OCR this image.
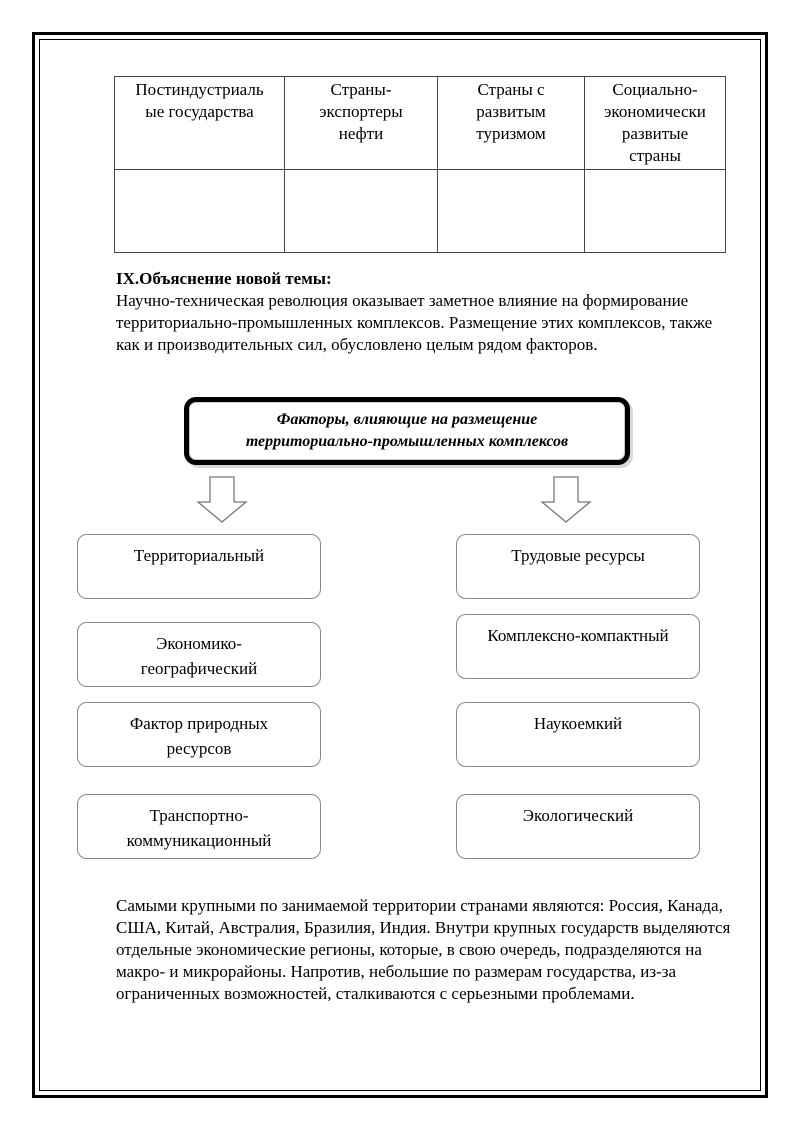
Постиндустриаль
ые государства	Страны-
экспортеры
нефти	Страны с
развитым
туризмом	Социально-
экономически
развитые
страны

IX.Объяснение новой темы:

Научно-техническая революция оказывает заметное влияние на формирование территориально-промышленных комплексов. Размещение этих комплексов, также как и производительных сил, обусловлено целым рядом факторов.

Факторы, влияющие на размещение
территориально-промышленных комплексов
Территориальный
Экономико-
географический
Фактор природных
ресурсов
Транспортно-
коммуникационный
Трудовые ресурсы
Комплексно-компактный
Наукоемкий
Экологический

Самыми крупными по занимаемой территории странами являются: Россия, Канада, США, Китай, Австралия, Бразилия, Индия. Внутри крупных государств выделяются отдельные экономические регионы, которые, в свою очередь, подразделяются на макро- и микрорайоны. Напротив, небольшие по размерам государства, из-за ограниченных возможностей, сталкиваются с серьезными проблемами.
